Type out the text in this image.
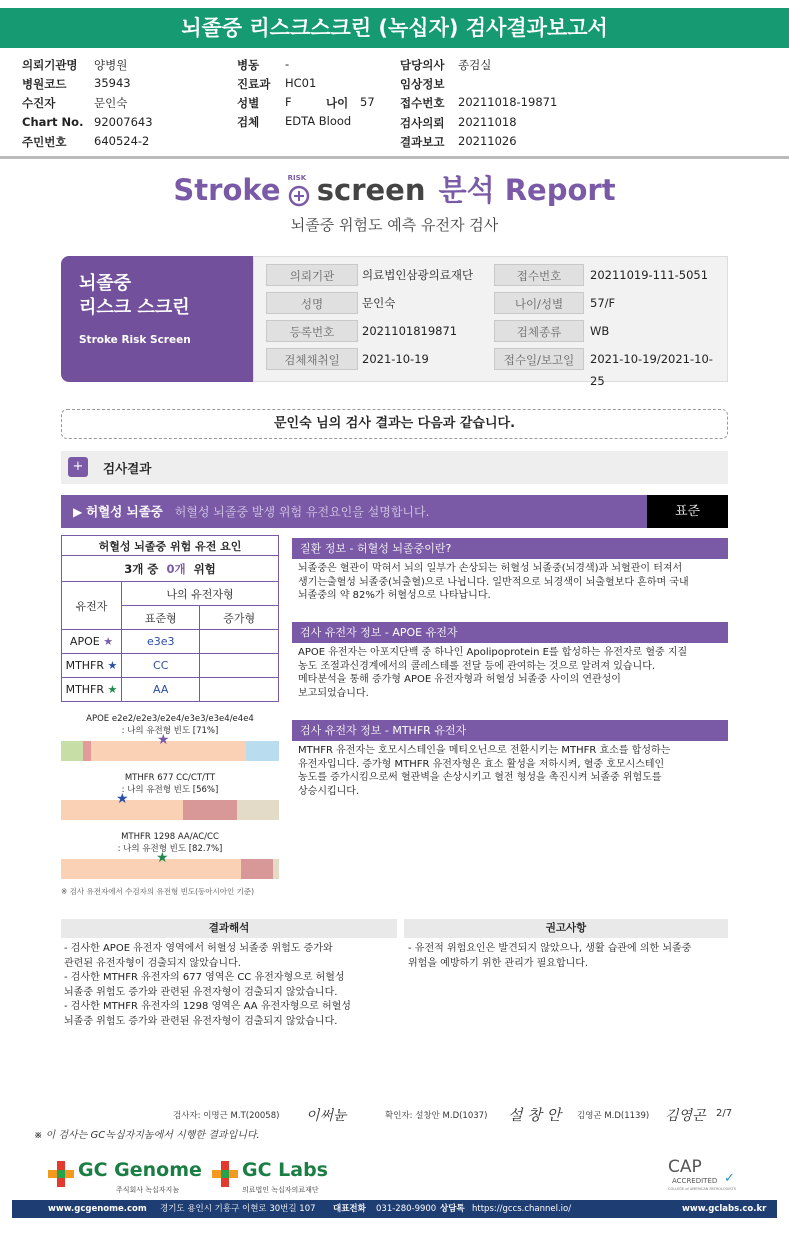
뇌졸중 리스크스크린 (녹십자) 검사결과보고서
의뢰기관명 양병원	병동 -	담당의사 종검실
병원코드 35943	진료과 HC01	임상정보
수진자	문인숙	성별 F	나이 57 접수번호 20211018-19871
Chart No. 92007643	검체 EDTA Blood	검사의뢰 20211018
주민번호 640524-2	결과보고 20211026
Stroke RISK screen 분석 Report
뇌졸중 위험도 예측 유전자 검사
뇌졸중
리스크 스크린
Stroke Risk Screen
의뢰기관	의료법인삼광의료재단	접수번호	20211019-111-5051
성명	문인숙	나이/성별	57/F
등록번호	2021101819871	검체종류	WB
검체채취일	2021-10-19	접수일/보고일	2021-10-19/2021-10-25
문인숙 님의 검사 결과는 다음과 같습니다.
+	검사결과
▶ 허혈성 뇌졸중 허혈성 뇌졸중 발생 위험 유전요인을 설명합니다.	표준
허혈성 뇌졸중 위험 유전 요인		
3개 중 0개 위험		
유전자	나의 유전자형	
	표준형	증가형
APOE ★	e3e3	
MTHFR ★	CC	
MTHFR ★	AA	
APOE e2e2/e2e3/e2e4/e3e3/e3e4/e4e4
: 나의 유전형 빈도 [71%]
★
MTHFR 677 CC/CT/TT
: 나의 유전형 빈도 [56%]
★
MTHFR 1298 AA/AC/CC
: 나의 유전형 빈도 [82.7%]
★
※ 검사 유전자에서 수검자의 유전형 빈도(동아시아인 기준)
질환 정보 - 허혈성 뇌졸중이란?
뇌졸중은 혈관이 막혀서 뇌의 일부가 손상되는 허혈성 뇌졸중(뇌경색)과 뇌혈관이 터져서
생기는출혈성 뇌졸중(뇌출혈)으로 나뉩니다. 일반적으로 뇌경색이 뇌출혈보다 흔하며 국내
뇌졸중의 약 82%가 허혈성으로 나타납니다.
검사 유전자 정보 - APOE 유전자
APOE 유전자는 아포지단백 중 하나인 Apolipoprotein E를 합성하는 유전자로 혈중 지질
농도 조절과신경계에서의 콜레스테롤 전달 등에 관여하는 것으로 알려져 있습니다.
메타분석을 통해 증가형 APOE 유전자형과 허혈성 뇌졸중 사이의 연관성이
보고되었습니다.
검사 유전자 정보 - MTHFR 유전자
MTHFR 유전자는 호모시스테인을 메티오닌으로 전환시키는 MTHFR 효소를 합성하는
유전자입니다. 증가형 MTHFR 유전자형은 효소 활성을 저하시켜, 혈중 호모시스테인
농도를 증가시킴으로써 혈관벽을 손상시키고 혈전 형성을 촉진시켜 뇌졸중 위험도를
상승시킵니다.
결과해석	권고사항
- 검사한 APOE 유전자 영역에서 허혈성 뇌졸중 위험도 증가와
관련된 유전자형이 검출되지 않았습니다.
- 검사한 MTHFR 유전자의 677 영역은 CC 유전자형으로 허혈성
뇌졸중 위험도 증가와 관련된 유전자형이 검출되지 않았습니다.
- 검사한 MTHFR 유전자의 1298 영역은 AA 유전자형으로 허혈성
뇌졸중 위험도 증가와 관련된 유전자형이 검출되지 않았습니다.
- 유전적 위험요인은 발견되지 않았으나, 생활 습관에 의한 뇌졸중
위험을 예방하기 위한 관리가 필요합니다.
검사자: 이명근 M.T(20058) 이써뉸	확인자: 설창안 M.D(1037) 설 창 안 김영곤 M.D(1139) 김영곤 2/7
※ 이 검사는 GC녹십자지놈에서 시행한 결과입니다.
GC Genome
주식회사 녹십자지놈
GC Labs
의료법인 녹십자의료재단
CAP
ACCREDITED
COLLEGE of AMERICAN PATHOLOGISTS
✓
www.gcgenome.com 경기도 용인시 기흥구 이현로 30번길 107 대표전화 031-280-9900 상담톡 https://gccs.channel.io/	www.gclabs.co.kr
